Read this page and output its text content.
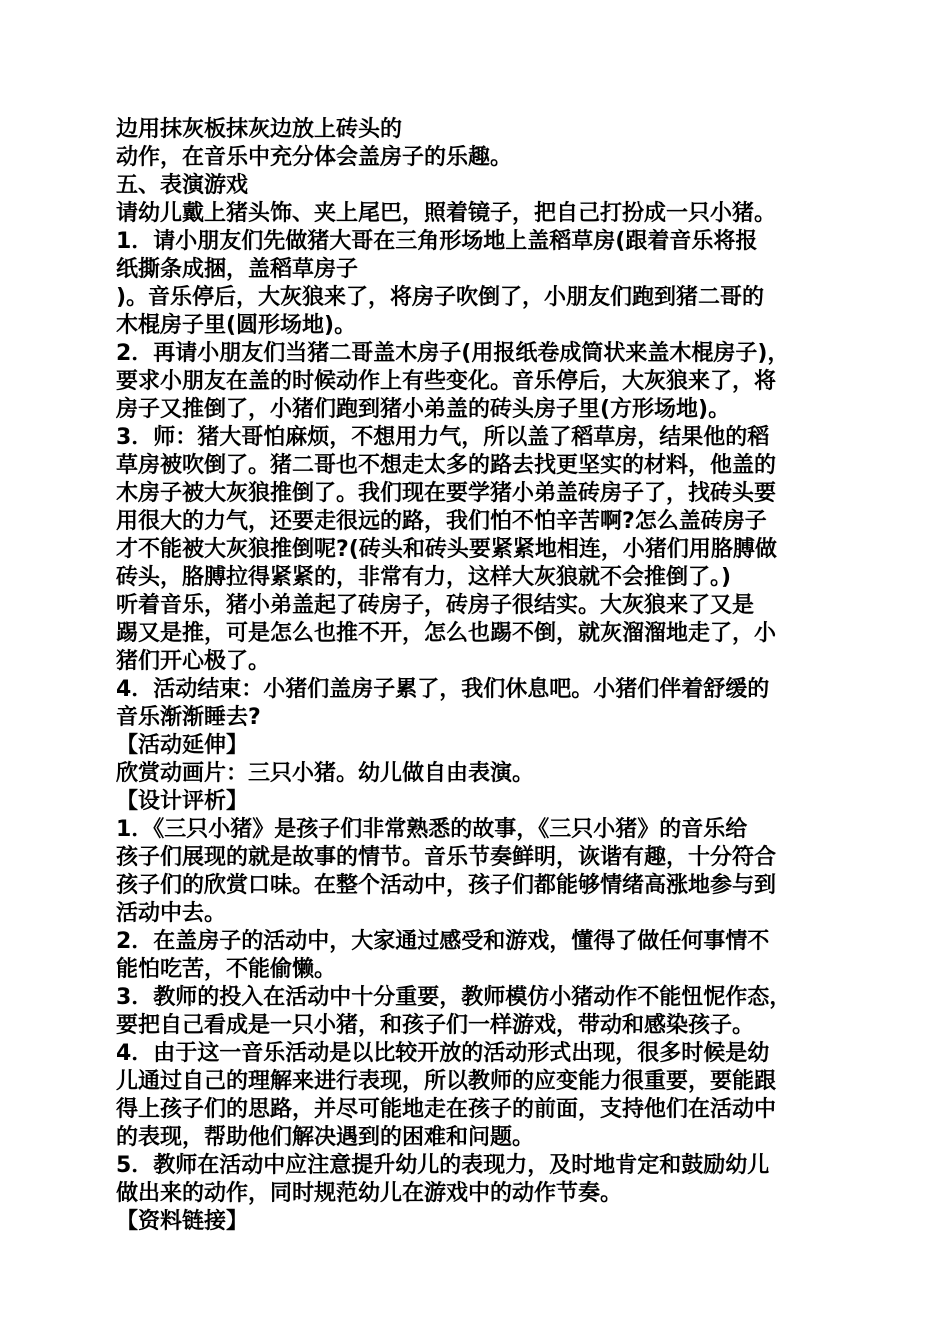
边用抹灰板抹灰边放上砖头的
动作，在音乐中充分体会盖房子的乐趣。
五、表演游戏
请幼儿戴上猪头饰、夹上尾巴，照着镜子，把自己打扮成一只小猪。
1．请小朋友们先做猪大哥在三角形场地上盖稻草房(跟着音乐将报
纸撕条成捆，盖稻草房子
)。音乐停后，大灰狼来了，将房子吹倒了，小朋友们跑到猪二哥的
木棍房子里(圆形场地)。
2．再请小朋友们当猪二哥盖木房子(用报纸卷成筒状来盖木棍房子)，
要求小朋友在盖的时候动作上有些变化。音乐停后，大灰狼来了，将
房子又推倒了，小猪们跑到猪小弟盖的砖头房子里(方形场地)。
3．师：猪大哥怕麻烦，不想用力气，所以盖了稻草房，结果他的稻
草房被吹倒了。猪二哥也不想走太多的路去找更坚实的材料，他盖的
木房子被大灰狼推倒了。我们现在要学猪小弟盖砖房子了，找砖头要
用很大的力气，还要走很远的路，我们怕不怕辛苦啊?怎么盖砖房子
才不能被大灰狼推倒呢?(砖头和砖头要紧紧地相连，小猪们用胳膊做
砖头，胳膊拉得紧紧的，非常有力，这样大灰狼就不会推倒了。)
听着音乐，猪小弟盖起了砖房子，砖房子很结实。大灰狼来了又是
踢又是推，可是怎么也推不开，怎么也踢不倒，就灰溜溜地走了，小
猪们开心极了。
4．活动结束：小猪们盖房子累了，我们休息吧。小猪们伴着舒缓的
音乐渐渐睡去?
【活动延伸】
欣赏动画片：三只小猪。幼儿做自由表演。
【设计评析】
1．《三只小猪》是孩子们非常熟悉的故事，《三只小猪》的音乐给
孩子们展现的就是故事的情节。音乐节奏鲜明，诙谐有趣，十分符合
孩子们的欣赏口味。在整个活动中，孩子们都能够情绪高涨地参与到
活动中去。
2．在盖房子的活动中，大家通过感受和游戏，懂得了做任何事情不
能怕吃苦，不能偷懒。
3．教师的投入在活动中十分重要，教师模仿小猪动作不能忸怩作态，
要把自己看成是一只小猪，和孩子们一样游戏，带动和感染孩子。
4．由于这一音乐活动是以比较开放的活动形式出现，很多时候是幼
儿通过自己的理解来进行表现，所以教师的应变能力很重要，要能跟
得上孩子们的思路，并尽可能地走在孩子的前面，支持他们在活动中
的表现，帮助他们解决遇到的困难和问题。
5．教师在活动中应注意提升幼儿的表现力，及时地肯定和鼓励幼儿
做出来的动作，同时规范幼儿在游戏中的动作节奏。
【资料链接】
